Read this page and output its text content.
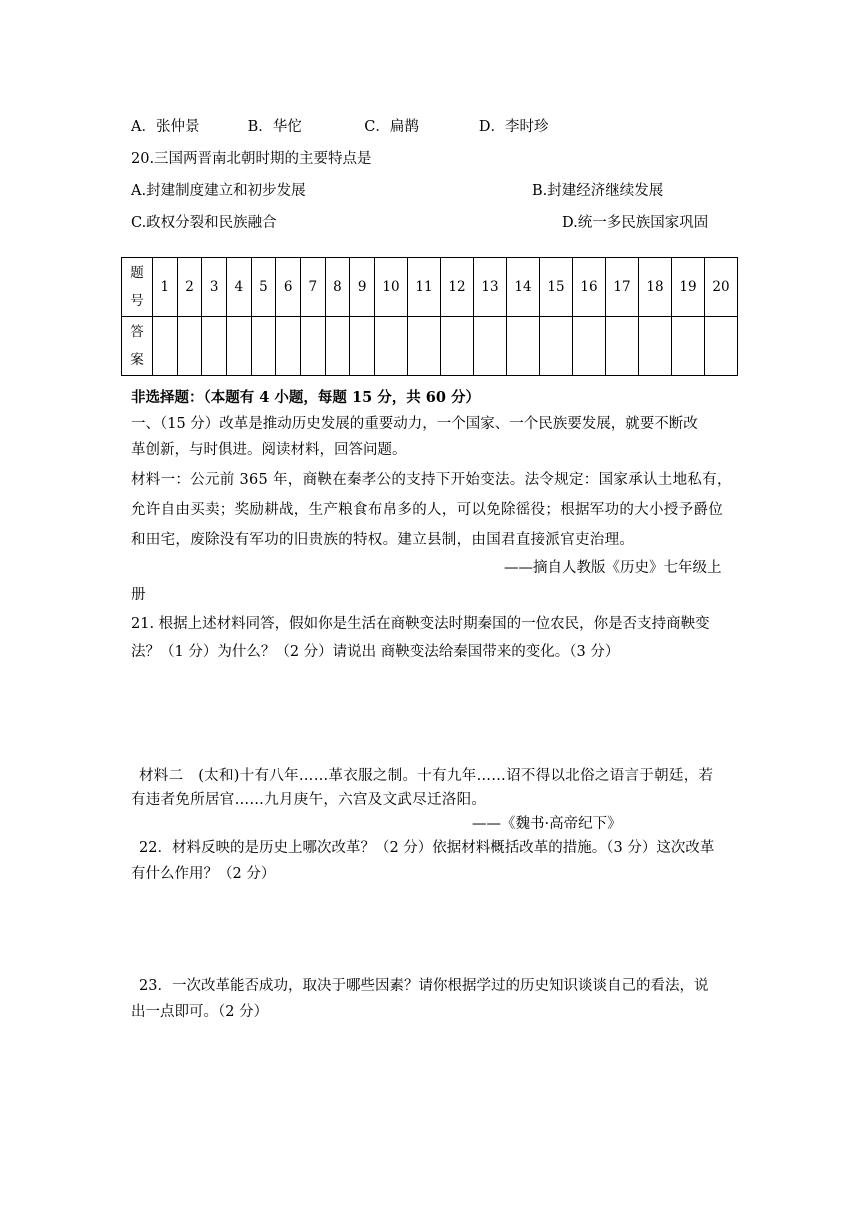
A．张仲景	B．华佗	C．扁鹊	D．李时珍
20.三国两晋南北朝时期的主要特点是
A.封建制度建立和初步发展	B.封建经济继续发展
C.政权分裂和民族融合	D.统一多民族国家巩固
题
号	1	2	3	4	5	6	7	8	9	10	11	12	13	14	15	16	17	18	19	20
答
案																				
非选择题：（本题有 4 小题，每题 15 分，共 60 分）
一、（15 分）改革是推动历史发展的重要动力，一个国家、一个民族要发展，就要不断改
革创新，与时俱进。阅读材料，回答问题。
材料一：公元前 365 年，商鞅在秦孝公的支持下开始变法。法令规定：国家承认土地私有，
允许自由买卖；奖励耕战，生产粮食布帛多的人，可以免除徭役；根据军功的大小授予爵位
和田宅，废除没有军功的旧贵族的特权。建立县制，由国君直接派官吏治理。
——摘自人教版《历史》七年级上
册
21. 根据上述材料同答，假如你是生活在商鞅变法时期秦国的一位农民，你是否支持商鞅变
法？（1 分）为什么？（2 分）请说出 商鞅变法给秦国带来的变化。（3 分）
材料二　(太和)十有八年……革衣服之制。十有九年……诏不得以北俗之语言于朝廷，若
有违者免所居官……九月庚午，六宫及文武尽迁洛阳。
——《魏书·高帝纪下》
22．材料反映的是历史上哪次改革？（2 分）依据材料概括改革的措施。（3 分）这次改革
有什么作用？（2 分）
23．一次改革能否成功，取决于哪些因素？请你根据学过的历史知识谈谈自己的看法，说
出一点即可。（2 分）
